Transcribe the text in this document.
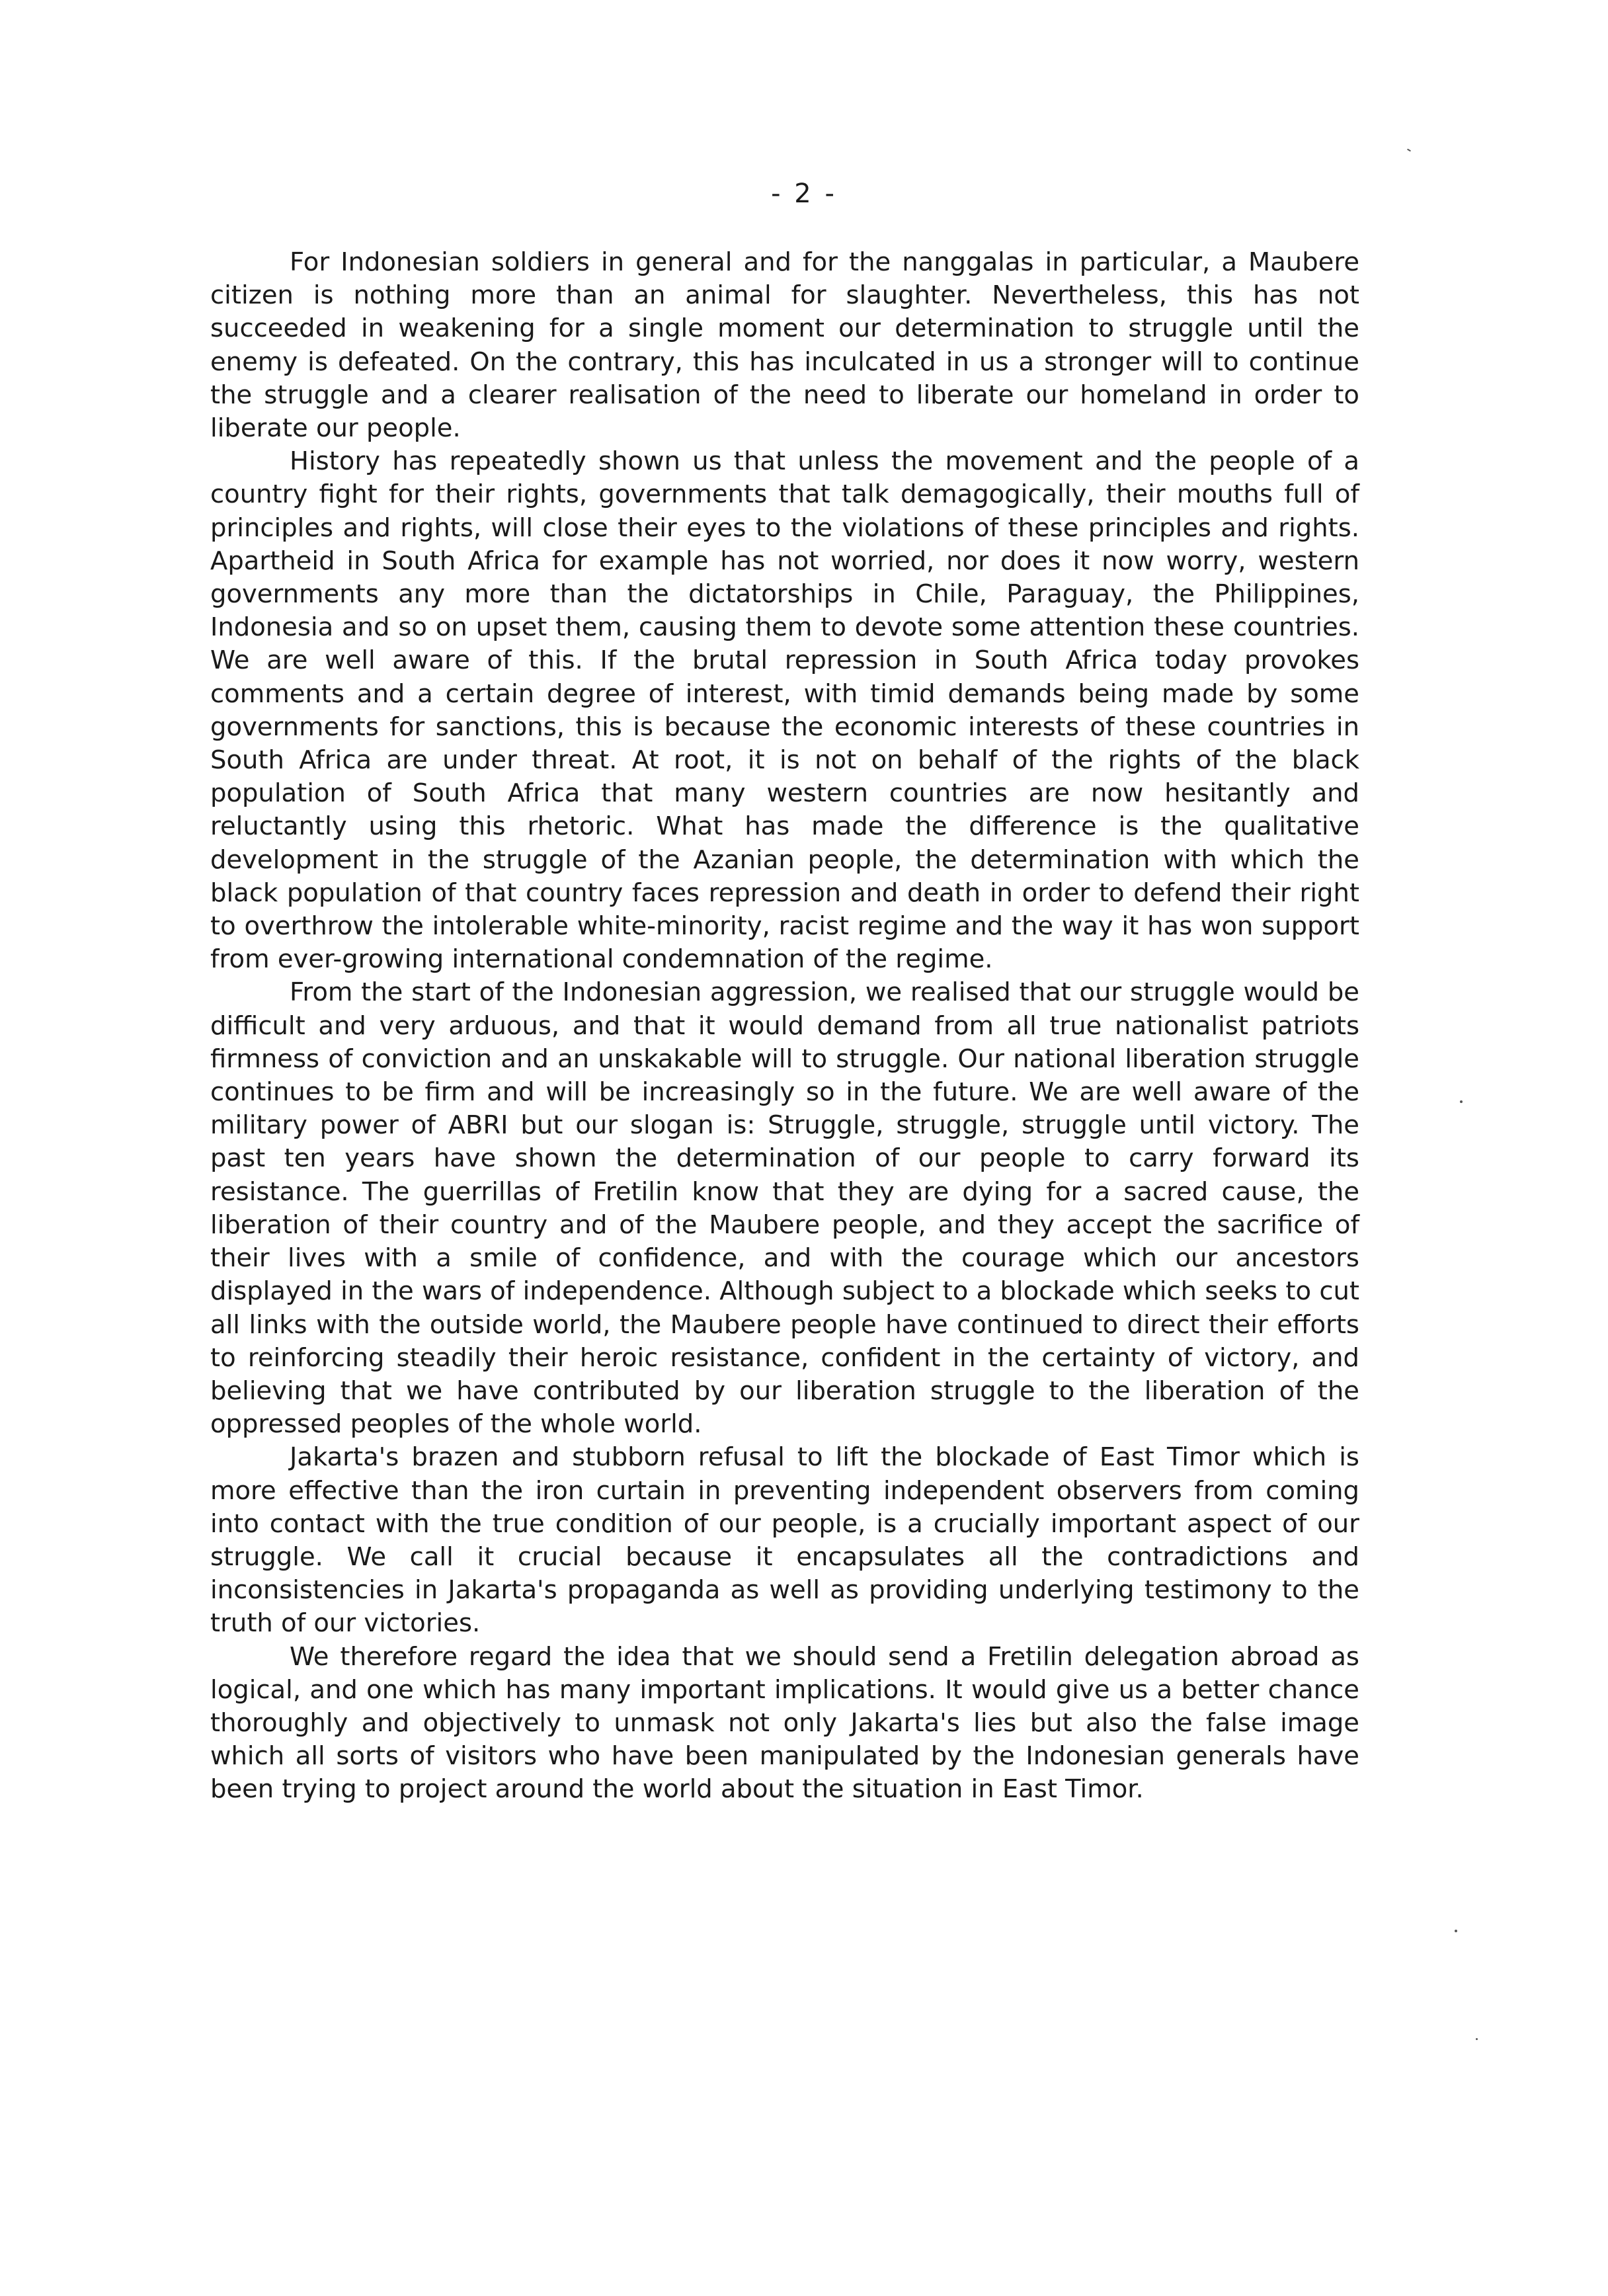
- 2 -

For Indonesian soldiers in general and for the nanggalas in particular, a Maubere citizen is nothing more than an animal for slaughter. Nevertheless, this has not succeeded in weakening for a single moment our determination to struggle until the enemy is defeated. On the contrary, this has inculcated in us a stronger will to continue the struggle and a clearer realisation of the need to liberate our homeland in order to liberate our people.

History has repeatedly shown us that unless the movement and the people of a country fight for their rights, governments that talk demagogically, their mouths full of principles and rights, will close their eyes to the violations of these principles and rights. Apartheid in South Africa for example has not worried, nor does it now worry, western governments any more than the dictatorships in Chile, Paraguay, the Philippines, Indonesia and so on upset them, causing them to devote some attention these countries. We are well aware of this. If the brutal repression in South Africa today provokes comments and a certain degree of interest, with timid demands being made by some governments for sanctions, this is because the economic interests of these countries in South Africa are under threat. At root, it is not on behalf of the rights of the black population of South Africa that many western countries are now hesitantly and reluctantly using this rhetoric. What has made the difference is the qualitative development in the struggle of the Azanian people, the determination with which the black population of that country faces repression and death in order to defend their right to overthrow the intolerable white-minority, racist regime and the way it has won support from ever-growing international condemnation of the regime.

From the start of the Indonesian aggression, we realised that our struggle would be difficult and very arduous, and that it would demand from all true nationalist patriots firmness of conviction and an unskakable will to struggle. Our national liberation struggle continues to be firm and will be increasingly so in the future. We are well aware of the military power of ABRI but our slogan is: Struggle, struggle, struggle until victory. The past ten years have shown the determination of our people to carry forward its resistance. The guerrillas of Fretilin know that they are dying for a sacred cause, the liberation of their country and of the Maubere people, and they accept the sacrifice of their lives with a smile of confidence, and with the courage which our ancestors displayed in the wars of independence. Although subject to a blockade which seeks to cut all links with the outside world, the Maubere people have continued to direct their efforts to reinforcing steadily their heroic resistance, confident in the certainty of victory, and believing that we have contributed by our liberation struggle to the liberation of the oppressed peoples of the whole world.

Jakarta's brazen and stubborn refusal to lift the blockade of East Timor which is more effective than the iron curtain in preventing independent observers from coming into contact with the true condition of our people, is a crucially important aspect of our struggle. We call it crucial because it encapsulates all the contradictions and inconsistencies in Jakarta's propaganda as well as providing underlying testimony to the truth of our victories.

We therefore regard the idea that we should send a Fretilin delegation abroad as logical, and one which has many important implications. It would give us a better chance thoroughly and objectively to unmask not only Jakarta's lies but also the false image which all sorts of visitors who have been manipulated by the Indonesian generals have been trying to project around the world about the situation in East Timor.
